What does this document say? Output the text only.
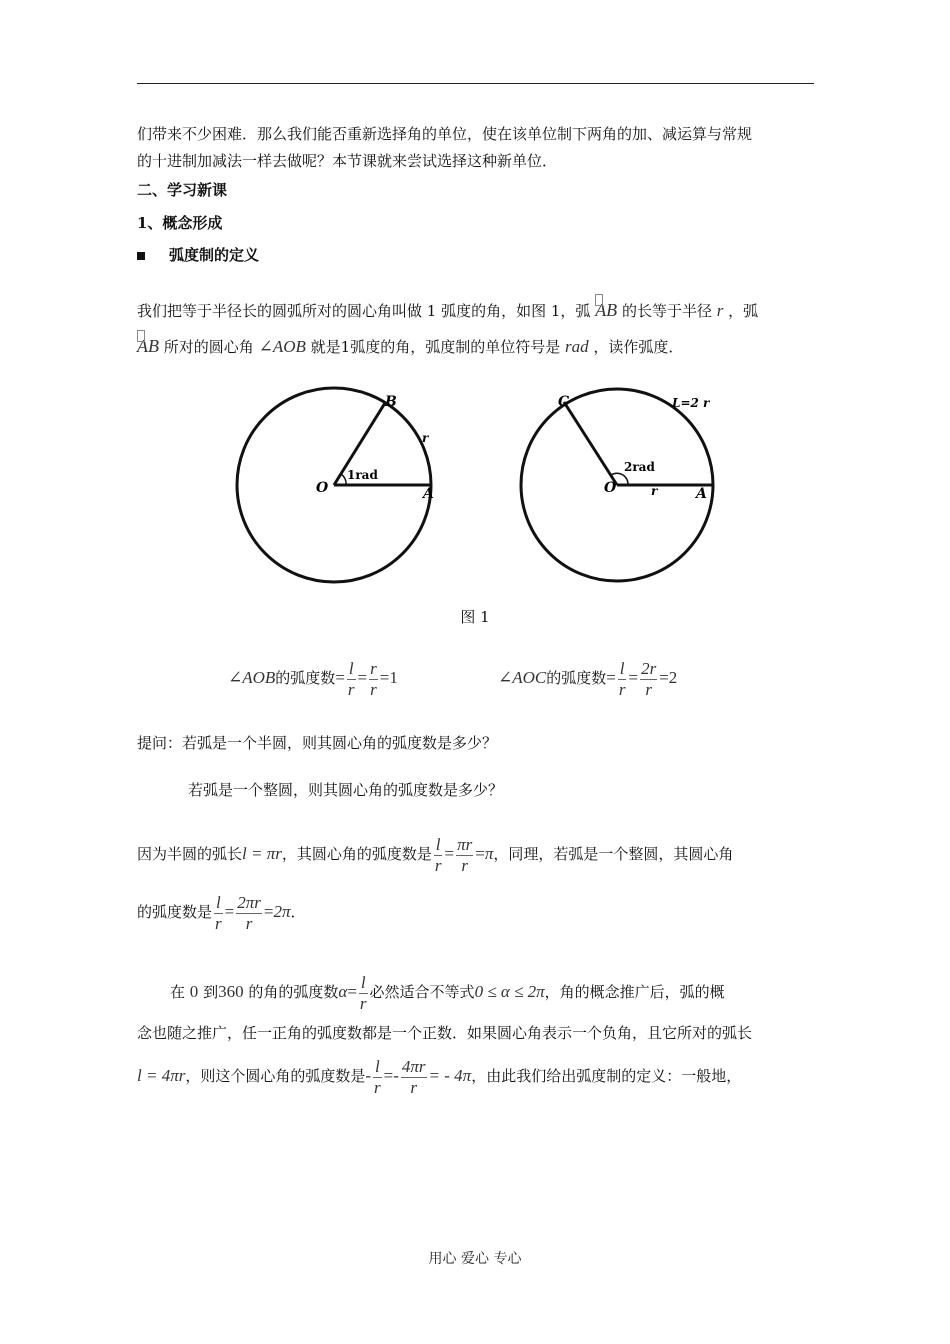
们带来不少困难．那么我们能否重新选择角的单位，使在该单位制下两角的加、减运算与常规
的十进制加减法一样去做呢？本节课就来尝试选择这种新单位．
二、学习新课
1、概念形成
弧度制的定义
我们把等于半径长的圆弧所对的圆心角叫做 1 弧度的角，如图 1，弧 AB 的长等于半径 r ，弧
AB 所对的圆心角 ∠AOB 就是1弧度的角，弧度制的单位符号是 rad ，读作弧度．
O	A
B
r
1rad
C	L=2 r
2rad
O	r	A
图 1
∠AOB的弧度数= $\frac{l}{r} = \frac{r}{r} =1$	∠AOC的弧度数= $\frac{l}{r} = \frac{2r}{r} =2$
提问：若弧是一个半圆，则其圆心角的弧度数是多少？
若弧是一个整圆，则其圆心角的弧度数是多少？
因为半圆的弧长l = πr，其圆心角的弧度数是 $\frac{l}{r} = \frac{\pi r}{r} =\pi$，同理，若弧是一个整圆，其圆心角
的弧度数是 $\frac{l}{r} = \frac{2\pi r}{r} =2\pi$．
在 0 到360 的角的弧度数$\alpha= \frac{l}{r}$ 必然适合不等式0 ≤ α ≤ 2π，角的概念推广后，弧的概
念也随之推广，任一正角的弧度数都是一个正数．如果圆心角表示一个负角，且它所对的弧长
l = 4πr，则这个圆心角的弧度数是- $\frac{l}{r} =- \frac{4\pi r}{r}$ = - 4π，由此我们给出弧度制的定义：一般地，
用心 爱心 专心
